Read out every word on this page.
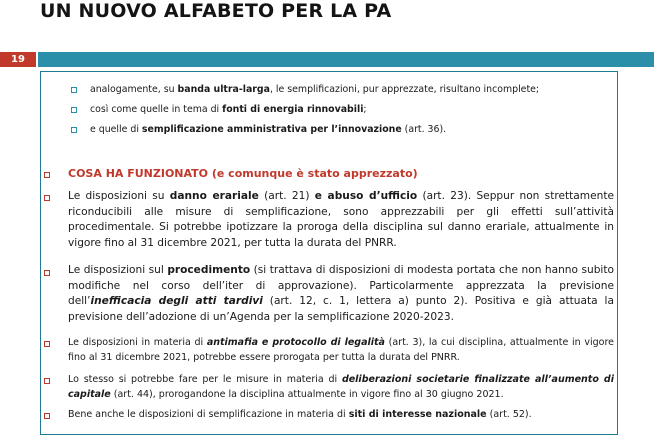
UN NUOVO ALFABETO PER LA PA
19
analogamente, su banda ultra-larga, le semplificazioni, pur apprezzate, risultano incomplete;
così come quelle in tema di fonti di energia rinnovabili;
e quelle di semplificazione amministrativa per l’innovazione (art. 36).
COSA HA FUNZIONATO (e comunque è stato apprezzato)
Le disposizioni su danno erariale (art. 21) e abuso d’ufficio (art. 23). Seppur non strettamente riconducibili alle misure di semplificazione, sono apprezzabili per gli effetti sull’attività procedimentale. Si potrebbe ipotizzare la proroga della disciplina sul danno erariale, attualmente in vigore fino al 31 dicembre 2021, per tutta la durata del PNRR.
Le disposizioni sul procedimento (si trattava di disposizioni di modesta portata che non hanno subito modifiche nel corso dell’iter di approvazione). Particolarmente apprezzata la previsione dell’inefficacia degli atti tardivi (art. 12, c. 1, lettera a) punto 2). Positiva e già attuata la previsione dell’adozione di un’Agenda per la semplificazione 2020-2023.
Le disposizioni in materia di antimafia e protocollo di legalità (art. 3), la cui disciplina, attualmente in vigore fino al 31 dicembre 2021, potrebbe essere prorogata per tutta la durata del PNRR.
Lo stesso si potrebbe fare per le misure in materia di deliberazioni societarie finalizzate all’aumento di capitale (art. 44), prorogandone la disciplina attualmente in vigore fino al 30 giugno 2021.
Bene anche le disposizioni di semplificazione in materia di siti di interesse nazionale (art. 52).
